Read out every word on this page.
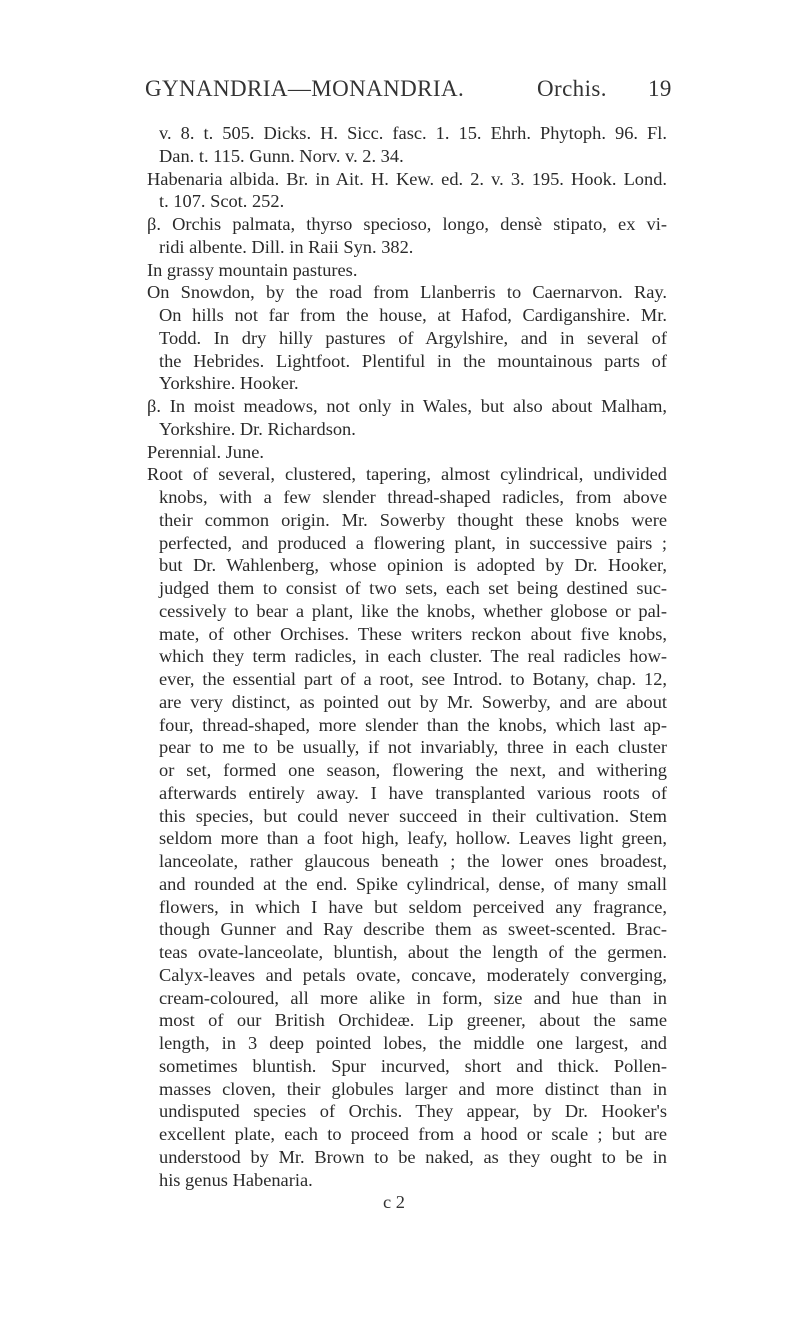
GYNANDRIA—MONANDRIA.	Orchis. 19
v. 8. t. 505. Dicks. H. Sicc. fasc. 1. 15. Ehrh. Phytoph. 96. Fl.
Dan. t. 115. Gunn. Norv. v. 2. 34.
Habenaria albida. Br. in Ait. H. Kew. ed. 2. v. 3. 195. Hook. Lond.
t. 107. Scot. 252.
β. Orchis palmata, thyrso specioso, longo, densè stipato, ex vi-
ridi albente. Dill. in Raii Syn. 382.
In grassy mountain pastures.
On Snowdon, by the road from Llanberris to Caernarvon. Ray.
On hills not far from the house, at Hafod, Cardiganshire. Mr.
Todd. In dry hilly pastures of Argylshire, and in several of
the Hebrides. Lightfoot. Plentiful in the mountainous parts of
Yorkshire. Hooker.
β. In moist meadows, not only in Wales, but also about Malham,
Yorkshire. Dr. Richardson.
Perennial. June.
Root of several, clustered, tapering, almost cylindrical, undivided
knobs, with a few slender thread-shaped radicles, from above
their common origin. Mr. Sowerby thought these knobs were
perfected, and produced a flowering plant, in successive pairs ;
but Dr. Wahlenberg, whose opinion is adopted by Dr. Hooker,
judged them to consist of two sets, each set being destined suc-
cessively to bear a plant, like the knobs, whether globose or pal-
mate, of other Orchises. These writers reckon about five knobs,
which they term radicles, in each cluster. The real radicles how-
ever, the essential part of a root, see Introd. to Botany, chap. 12,
are very distinct, as pointed out by Mr. Sowerby, and are about
four, thread-shaped, more slender than the knobs, which last ap-
pear to me to be usually, if not invariably, three in each cluster
or set, formed one season, flowering the next, and withering
afterwards entirely away. I have transplanted various roots of
this species, but could never succeed in their cultivation. Stem
seldom more than a foot high, leafy, hollow. Leaves light green,
lanceolate, rather glaucous beneath ; the lower ones broadest,
and rounded at the end. Spike cylindrical, dense, of many small
flowers, in which I have but seldom perceived any fragrance,
though Gunner and Ray describe them as sweet-scented. Brac-
teas ovate-lanceolate, bluntish, about the length of the germen.
Calyx-leaves and petals ovate, concave, moderately converging,
cream-coloured, all more alike in form, size and hue than in
most of our British Orchideæ. Lip greener, about the same
length, in 3 deep pointed lobes, the middle one largest, and
sometimes bluntish. Spur incurved, short and thick. Pollen-
masses cloven, their globules larger and more distinct than in
undisputed species of Orchis. They appear, by Dr. Hooker's
excellent plate, each to proceed from a hood or scale ; but are
understood by Mr. Brown to be naked, as they ought to be in
his genus Habenaria.
c 2
